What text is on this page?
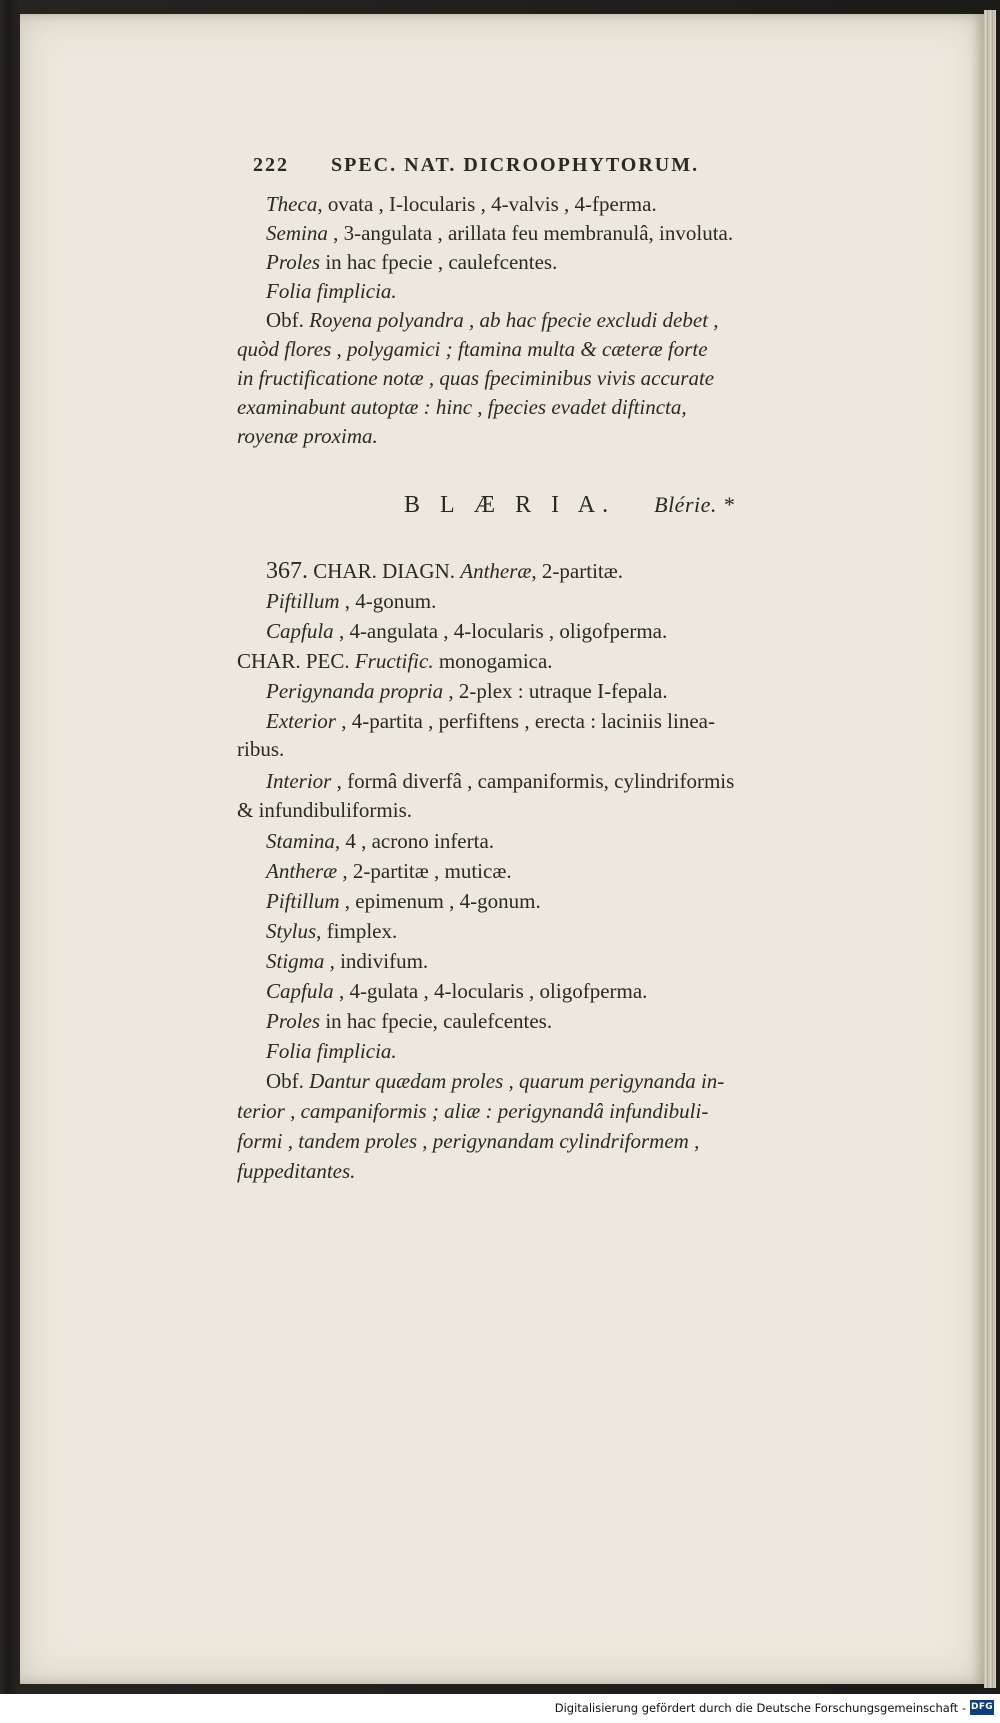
222 SPEC. NAT. DICROOPHYTORUM.
Theca, ovata , I-locularis , 4-valvis , 4-fperma.
Semina , 3-angulata , arillata feu membranulâ, involuta.
Proles in hac fpecie , caulefcentes.
Folia fimplicia.
Obf. Royena polyandra , ab hac fpecie excludi debet ,
quòd flores , polygamici ; ftamina multa & cæteræ forte
in fructificatione notæ , quas fpeciminibus vivis accurate
examinabunt autoptæ : hinc , fpecies evadet diftincta,
royenæ proxima.
B L Æ R I A. Blérie. *
367. CHAR. DIAGN. Antheræ, 2-partitæ.
Piftillum , 4-gonum.
Capfula , 4-angulata , 4-locularis , oligofperma.
CHAR. PEC. Fructific. monogamica.
Perigynanda propria , 2-plex : utraque I-fepala.
Exterior , 4-partita , perfiftens , erecta : laciniis linea-
ribus.
Interior , formâ diverfâ , campaniformis, cylindriformis
& infundibuliformis.
Stamina, 4 , acrono inferta.
Antheræ , 2-partitæ , muticæ.
Piftillum , epimenum , 4-gonum.
Stylus, fimplex.
Stigma , indivifum.
Capfula , 4-gulata , 4-locularis , oligofperma.
Proles in hac fpecie, caulefcentes.
Folia fimplicia.
Obf. Dantur quædam proles , quarum perigynanda in-
terior , campaniformis ; aliæ : perigynandâ infundibuli-
formi , tandem proles , perigynandam cylindriformem ,
fuppeditantes.
Digitalisierung gefördert durch die Deutsche Forschungsgemeinschaft - DFG
